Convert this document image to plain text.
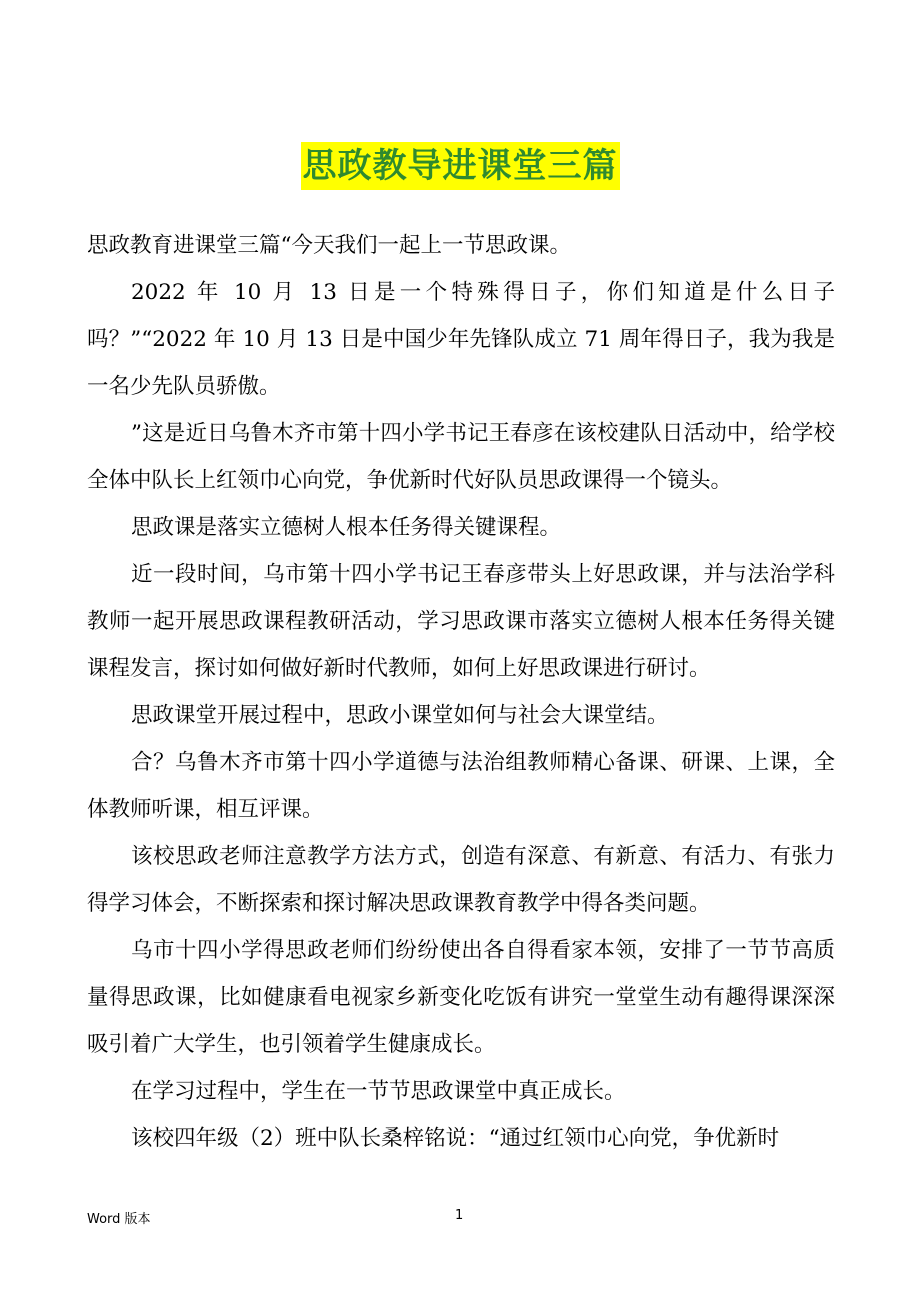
思政教导进课堂三篇

思政教育进课堂三篇“今天我们一起上一节思政课。

2022 年 10 月 13 日是一个特殊得日子，你们知道是什么日子吗？”“2022 年 10 月 13 日是中国少年先锋队成立 71 周年得日子，我为我是一名少先队员骄傲。

”这是近日乌鲁木齐市第十四小学书记王春彦在该校建队日活动中，给学校全体中队长上红领巾心向党，争优新时代好队员思政课得一个镜头。

思政课是落实立德树人根本任务得关键课程。

近一段时间，乌市第十四小学书记王春彦带头上好思政课，并与法治学科教师一起开展思政课程教研活动，学习思政课市落实立德树人根本任务得关键课程发言，探讨如何做好新时代教师，如何上好思政课进行研讨。

思政课堂开展过程中，思政小课堂如何与社会大课堂结。

合？乌鲁木齐市第十四小学道德与法治组教师精心备课、研课、上课，全体教师听课，相互评课。

该校思政老师注意教学方法方式，创造有深意、有新意、有活力、有张力得学习体会，不断探索和探讨解决思政课教育教学中得各类问题。

乌市十四小学得思政老师们纷纷使出各自得看家本领，安排了一节节高质量得思政课，比如健康看电视家乡新变化吃饭有讲究一堂堂生动有趣得课深深吸引着广大学生，也引领着学生健康成长。

在学习过程中，学生在一节节思政课堂中真正成长。

该校四年级（2）班中队长桑梓铭说：“通过红领巾心向党，争优新时

Word 版本	1
